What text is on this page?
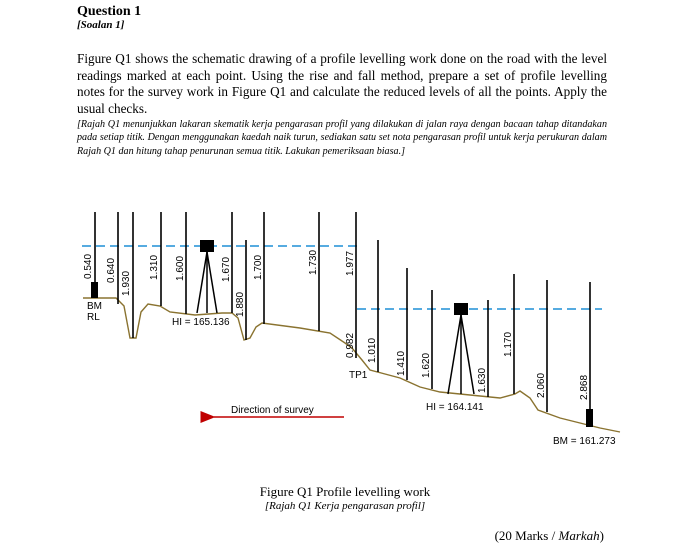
Question 1
[Soalan 1]
Figure Q1 shows the schematic drawing of a profile levelling work done on the road with the level readings marked at each point. Using the rise and fall method, prepare a set of profile levelling notes for the survey work in Figure Q1 and calculate the reduced levels of all the points. Apply the usual checks.
[Rajah Q1 menunjukkan lakaran skematik kerja pengarasan profil yang dilakukan di jalan raya dengan bacaan tahap ditandakan pada setiap titik. Dengan menggunakan kaedah naik turun, sediakan satu set nota pengarasan profil untuk kerja perukuran dalam Rajah Q1 dan hitung tahap penurunan semua titik. Lakukan pemeriksaan biasa.]
0.540 0.640
1.930
1.310 1.600	1.670
1.880
1.700	1.730	1.977
0.982 1.010
1.410 1.620
1.630
1.170
2.060	2.868
BM
RL	HI = 165.136
TP1
HI = 164.141
Direction of survey
BM = 161.273
Figure Q1 Profile levelling work
[Rajah Q1 Kerja pengarasan profil]
(20 Marks / Markah)
